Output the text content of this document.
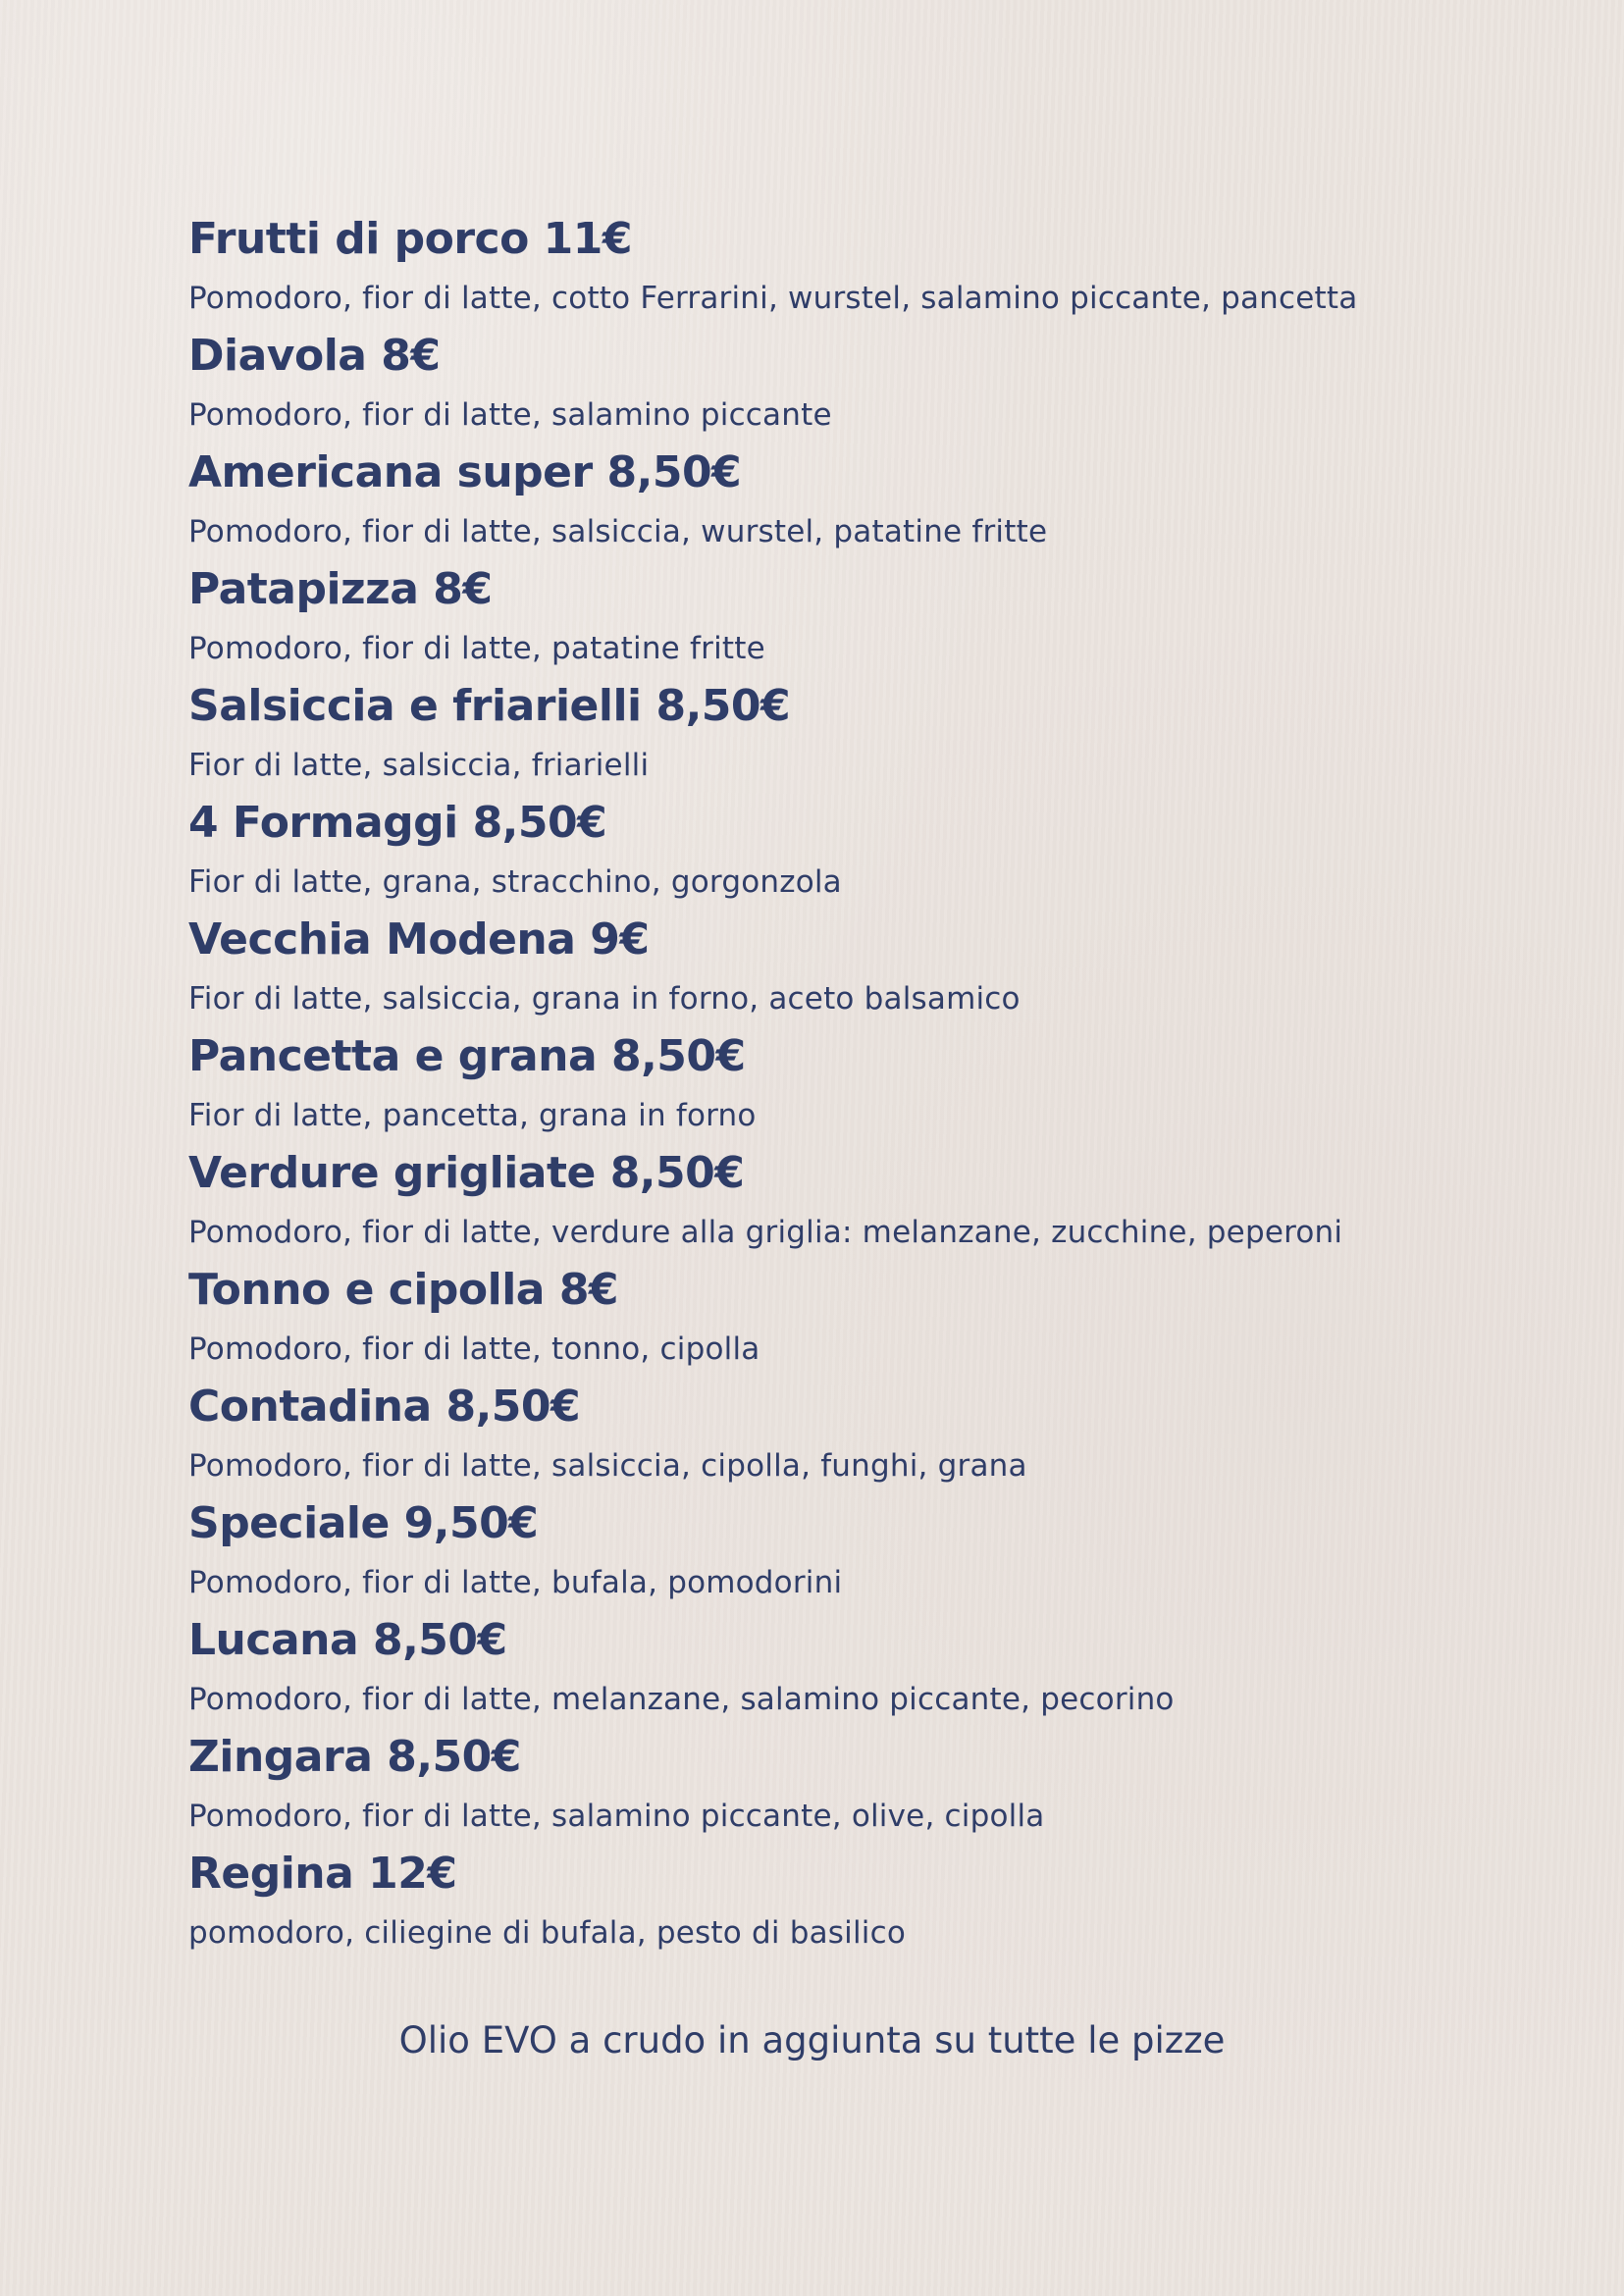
Frutti di porco 11€
Pomodoro, fior di latte, cotto Ferrarini, wurstel, salamino piccante, pancetta
Diavola 8€
Pomodoro, fior di latte, salamino piccante
Americana super 8,50€
Pomodoro, fior di latte, salsiccia, wurstel, patatine fritte
Patapizza 8€
Pomodoro, fior di latte, patatine fritte
Salsiccia e friarielli 8,50€
Fior di latte, salsiccia, friarielli
4 Formaggi 8,50€
Fior di latte, grana, stracchino, gorgonzola
Vecchia Modena 9€
Fior di latte, salsiccia, grana in forno, aceto balsamico
Pancetta e grana 8,50€
Fior di latte, pancetta, grana in forno
Verdure grigliate 8,50€
Pomodoro, fior di latte, verdure alla griglia: melanzane, zucchine, peperoni
Tonno e cipolla 8€
Pomodoro, fior di latte, tonno, cipolla
Contadina 8,50€
Pomodoro, fior di latte, salsiccia, cipolla, funghi, grana
Speciale 9,50€
Pomodoro, fior di latte, bufala, pomodorini
Lucana 8,50€
Pomodoro, fior di latte, melanzane, salamino piccante, pecorino
Zingara 8,50€
Pomodoro, fior di latte, salamino piccante, olive, cipolla
Regina 12€
pomodoro, ciliegine di bufala, pesto di basilico
Olio EVO a crudo in aggiunta su tutte le pizze
